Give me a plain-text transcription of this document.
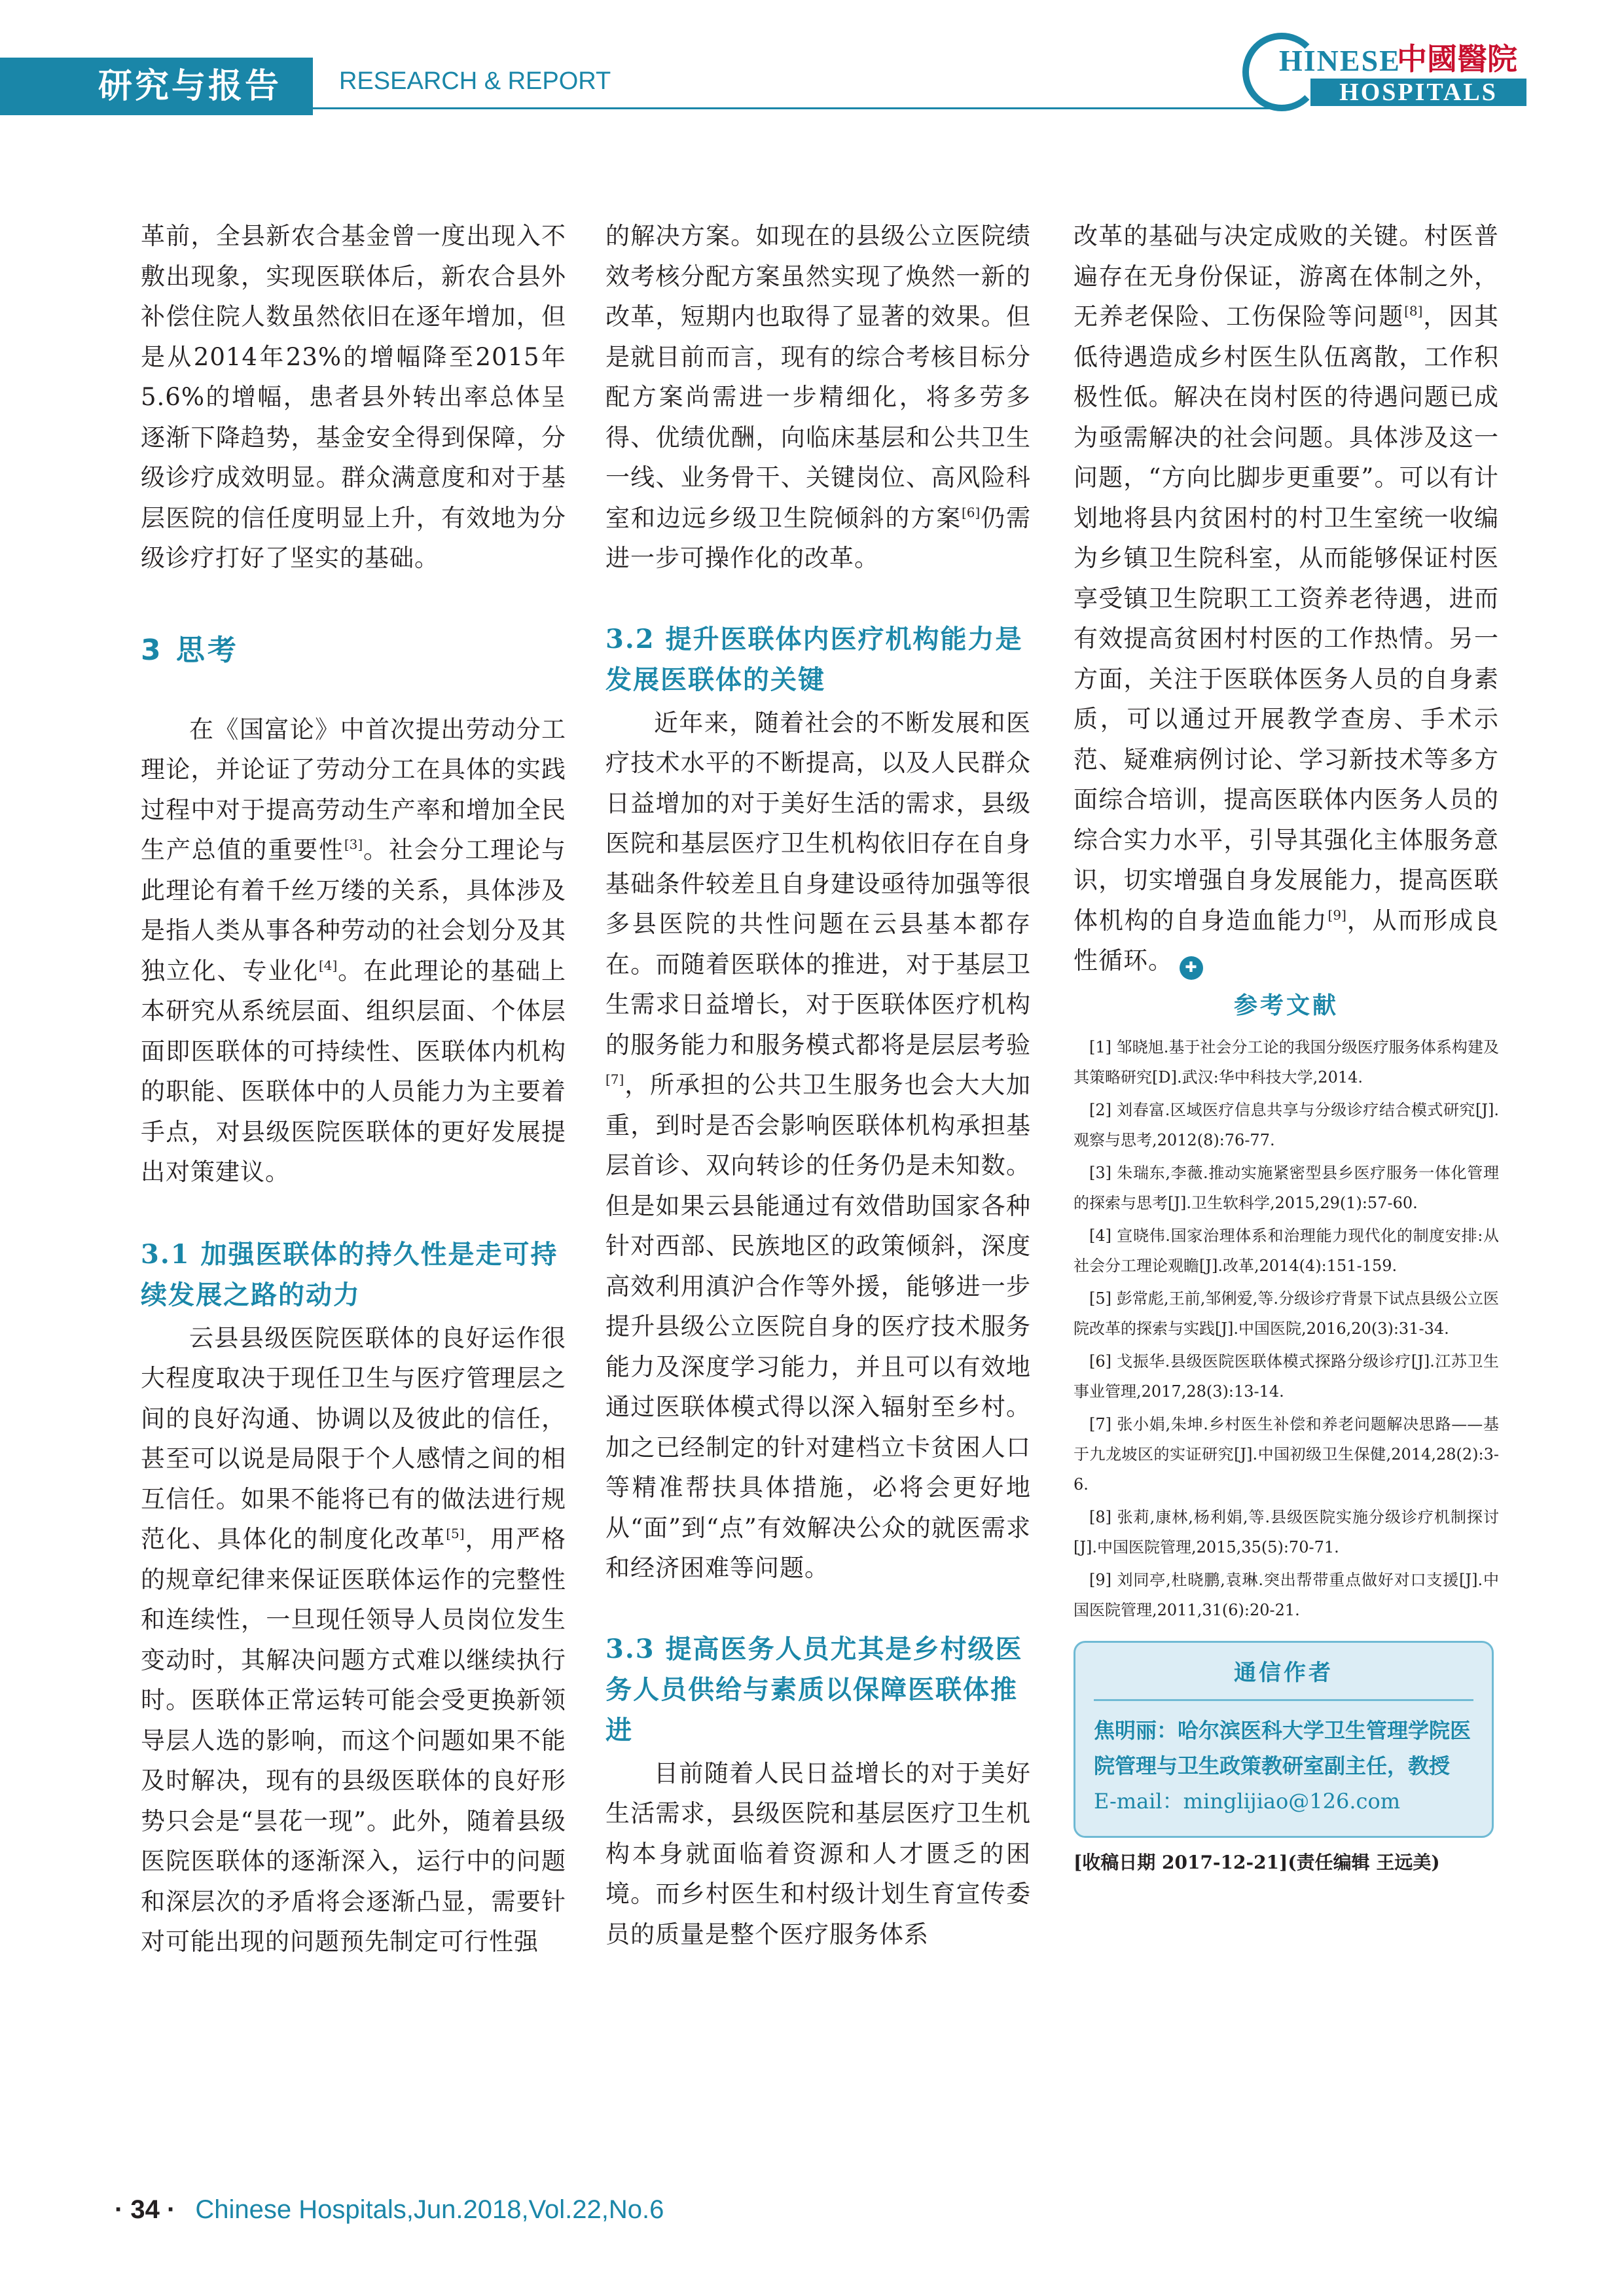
研究与报告 RESEARCH & REPORT
HINESE
中國醫院
HOSPITALS

革前，全县新农合基金曾一度出现入不敷出现象，实现医联体后，新农合县外补偿住院人数虽然依旧在逐年增加，但是从2014年23%的增幅降至2015年5.6%的增幅，患者县外转出率总体呈逐渐下降趋势，基金安全得到保障，分级诊疗成效明显。群众满意度和对于基层医院的信任度明显上升，有效地为分级诊疗打好了坚实的基础。

3 思考

在《国富论》中首次提出劳动分工理论，并论证了劳动分工在具体的实践过程中对于提高劳动生产率和增加全民生产总值的重要性[3]。社会分工理论与此理论有着千丝万缕的关系，具体涉及是指人类从事各种劳动的社会划分及其独立化、专业化[4]。在此理论的基础上本研究从系统层面、组织层面、个体层面即医联体的可持续性、医联体内机构的职能、医联体中的人员能力为主要着手点，对县级医院医联体的更好发展提出对策建议。

3.1 加强医联体的持久性是走可持续发展之路的动力

云县县级医院医联体的良好运作很大程度取决于现任卫生与医疗管理层之间的良好沟通、协调以及彼此的信任，甚至可以说是局限于个人感情之间的相互信任。如果不能将已有的做法进行规范化、具体化的制度化改革[5]，用严格的规章纪律来保证医联体运作的完整性和连续性，一旦现任领导人员岗位发生变动时，其解决问题方式难以继续执行时。医联体正常运转可能会受更换新领导层人选的影响，而这个问题如果不能及时解决，现有的县级医联体的良好形势只会是“昙花一现”。此外，随着县级医院医联体的逐渐深入，运行中的问题和深层次的矛盾将会逐渐凸显，需要针对可能出现的问题预先制定可行性强

的解决方案。如现在的县级公立医院绩效考核分配方案虽然实现了焕然一新的改革，短期内也取得了显著的效果。但是就目前而言，现有的综合考核目标分配方案尚需进一步精细化，将多劳多得、优绩优酬，向临床基层和公共卫生一线、业务骨干、关键岗位、高风险科室和边远乡级卫生院倾斜的方案[6]仍需进一步可操作化的改革。

3.2 提升医联体内医疗机构能力是发展医联体的关键

近年来，随着社会的不断发展和医疗技术水平的不断提高，以及人民群众日益增加的对于美好生活的需求，县级医院和基层医疗卫生机构依旧存在自身基础条件较差且自身建设亟待加强等很多县医院的共性问题在云县基本都存在。而随着医联体的推进，对于基层卫生需求日益增长，对于医联体医疗机构的服务能力和服务模式都将是层层考验[7]，所承担的公共卫生服务也会大大加重，到时是否会影响医联体机构承担基层首诊、双向转诊的任务仍是未知数。但是如果云县能通过有效借助国家各种针对西部、民族地区的政策倾斜，深度高效利用滇沪合作等外援，能够进一步提升县级公立医院自身的医疗技术服务能力及深度学习能力，并且可以有效地通过医联体模式得以深入辐射至乡村。加之已经制定的针对建档立卡贫困人口等精准帮扶具体措施，必将会更好地从“面”到“点”有效解决公众的就医需求和经济困难等问题。

3.3 提高医务人员尤其是乡村级医务人员供给与素质以保障医联体推进

目前随着人民日益增长的对于美好生活需求，县级医院和基层医疗卫生机构本身就面临着资源和人才匮乏的困境。而乡村医生和村级计划生育宣传委员的质量是整个医疗服务体系

改革的基础与决定成败的关键。村医普遍存在无身份保证，游离在体制之外，无养老保险、工伤保险等问题[8]，因其低待遇造成乡村医生队伍离散，工作积极性低。解决在岗村医的待遇问题已成为亟需解决的社会问题。具体涉及这一问题，“方向比脚步更重要”。可以有计划地将县内贫困村的村卫生室统一收编为乡镇卫生院科室，从而能够保证村医享受镇卫生院职工工资养老待遇，进而有效提高贫困村村医的工作热情。另一方面，关注于医联体医务人员的自身素质，可以通过开展教学查房、手术示范、疑难病例讨论、学习新技术等多方面综合培训，提高医联体内医务人员的综合实力水平，引导其强化主体服务意识，切实增强自身发展能力，提高医联体机构的自身造血能力[9]，从而形成良性循环。 ✚

参考文献
[1] 邹晓旭.基于社会分工论的我国分级医疗服务体系构建及其策略研究[D].武汉:华中科技大学,2014.
[2] 刘春富.区域医疗信息共享与分级诊疗结合模式研究[J].观察与思考,2012(8):76-77.
[3] 朱瑞东,李薇.推动实施紧密型县乡医疗服务一体化管理的探索与思考[J].卫生软科学,2015,29(1):57-60.
[4] 宣晓伟.国家治理体系和治理能力现代化的制度安排:从社会分工理论观瞻[J].改革,2014(4):151-159.
[5] 彭常彪,王前,邹俐爱,等.分级诊疗背景下试点县级公立医院改革的探索与实践[J].中国医院,2016,20(3):31-34.
[6] 戈振华.县级医院医联体模式探路分级诊疗[J].江苏卫生事业管理,2017,28(3):13-14.
[7] 张小娟,朱坤.乡村医生补偿和养老问题解决思路——基于九龙坡区的实证研究[J].中国初级卫生保健,2014,28(2):3-6.
[8] 张莉,康林,杨利娟,等.县级医院实施分级诊疗机制探讨[J].中国医院管理,2015,35(5):70-71.
[9] 刘同亭,杜晓鹏,袁琳.突出帮带重点做好对口支援[J].中国医院管理,2011,31(6):20-21.
通信作者
焦明丽：哈尔滨医科大学卫生管理学院医院管理与卫生政策教研室副主任，教授
E-mail：minglijiao@126.com
[收稿日期 2017-12-21](责任编辑 王远美)
· 34 · Chinese Hospitals,Jun.2018,Vol.22,No.6
